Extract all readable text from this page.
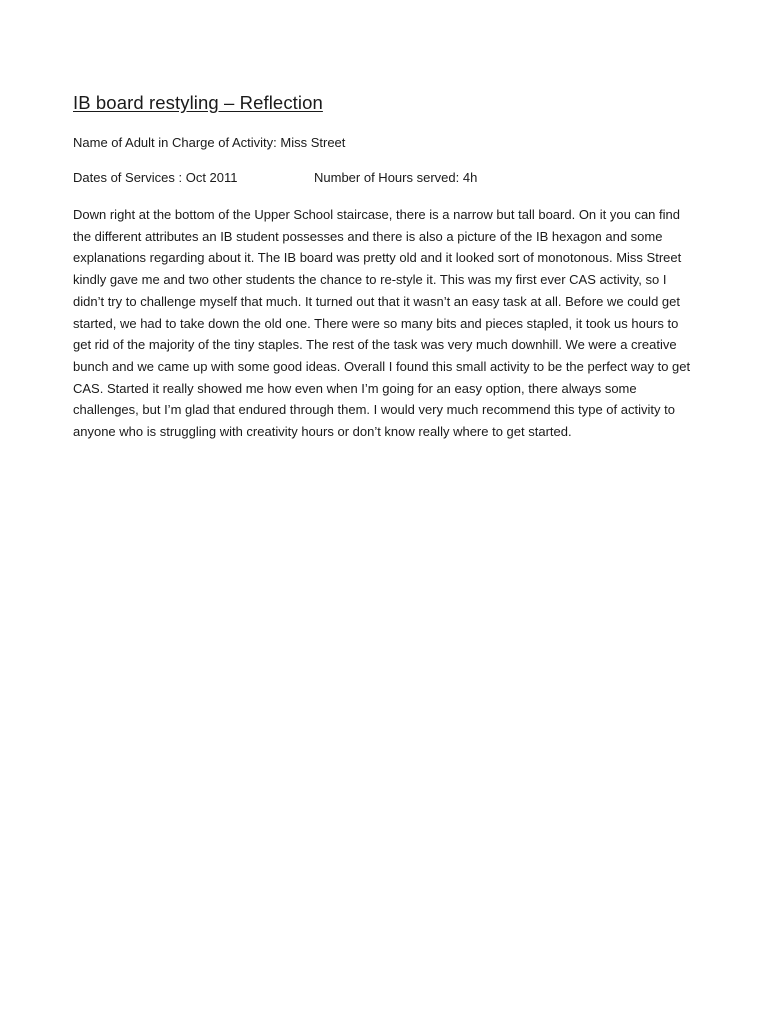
IB board restyling – Reflection

Name of Adult in Charge of Activity: Miss Street

Dates of Services : Oct 2011	Number of Hours served: 4h

Down right at the bottom of the Upper School staircase, there is a narrow but tall board. On it you can find the different attributes an IB student possesses and there is also a picture of the IB hexagon and some explanations regarding about it. The IB board was pretty old and it looked sort of monotonous. Miss Street kindly gave me and two other students the chance to re-style it. This was my first ever CAS activity, so I didn’t try to challenge myself that much. It turned out that it wasn’t an easy task at all. Before we could get started, we had to take down the old one. There were so many bits and pieces stapled, it took us hours to get rid of the majority of the tiny staples. The rest of the task was very much downhill. We were a creative bunch and we came up with some good ideas. Overall I found this small activity to be the perfect way to get CAS. Started it really showed me how even when I’m going for an easy option, there always some challenges, but I’m glad that endured through them. I would very much recommend this type of activity to anyone who is struggling with creativity hours or don’t know really where to get started.
